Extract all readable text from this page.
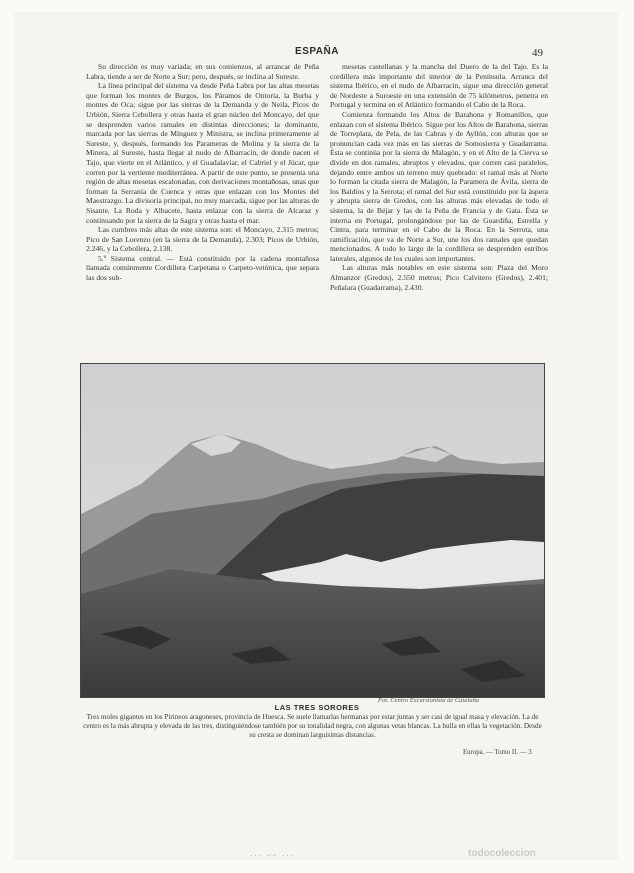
ESPAÑA	49

Su dirección es muy variada; en sus comienzos, al arrancar de Peña Labra, tiende a ser de Norte a Sur; pero, después, se inclina al Sureste.

La línea principal del sistema va desde Peña Labra por las altas mesetas que forman los montes de Burgos, los Páramos de Ontoria, la Burba y montes de Oca; sigue por las sierras de la Demanda y de Neila, Picos de Urbión, Sierra Cebollera y otras hasta el gran núcleo del Moncayo, del que se desprenden varios ramales en distintas direcciones; la dominante, marcada por las sierras de Mínguez y Ministra, se inclina primeramente al Sureste, y, después, formando los Parameras de Molina y la sierra de la Minera, al Sureste, hasta llegar al nudo de Albarracín, de donde nacen el Tajo, que vierte en el Atlántico, y el Guadalaviar, el Cabriel y el Júcar, que corren por la vertiente mediterránea. A partir de este punto, se presenta una región de altas mesetas escalonadas, con derivaciones montañosas, unas que forman la Serranía de Cuenca y otras que enlazan con los Montes del Maestrazgo. La divisoria principal, no muy marcada, sigue por las alturas de Sisante, La Roda y Albacete, hasta enlazar con la sierra de Alcaraz y continuando por la sierra de la Sagra y otras hasta el mar.

Las cumbres más altas de este sistema son: el Moncayo, 2.315 metros; Pico de San Lorenzo (en la sierra de la Demanda), 2.303; Picos de Urbión, 2.246, y la Cebollera, 2.138.

5.º Sistema central. — Está constituido por la cadena montañosa llamada comúnmente Cordillera Carpetana o Carpeto-vetónica, que separa las dos sub-

mesetas castellanas y la mancha del Duero de la del Tajo. Es la cordillera más importante del interior de la Península. Arranca del sistema Ibérico, en el nudo de Albarracín, sigue una dirección general de Nordeste a Suroeste en una extensión de 75 kilómetros, penetra en Portugal y termina en el Atlántico formando el Cabo de la Roca.

Comienza formando los Altos de Barahona y Romanillos, que enlazan con el sistema Ibérico. Sigue por los Altos de Barahona, sierras de Torreplata, de Pela, de las Cabras y de Ayllón, con alturas que se pronuncian cada vez más en las sierras de Somosierra y Guadarrama. Ésta se continúa por la sierra de Malagón, y en el Alto de la Cierva se divide en dos ramales, abruptos y elevados, que corren casi paralelos, dejando entre ambos un terreno muy quebrado: el ramal más al Norte lo forman la citada sierra de Malagón, la Paramera de Ávila, sierra de los Baldíos y la Serrota; el ramal del Sur está constituido por la áspera y abrupta sierra de Gredos, con las alturas más elevadas de todo el sistema, la de Béjar y las de la Peña de Francia y de Gata. Ésta se interna en Portugal, prolongándose por las de Guardiña, Estrella y Cintra, para terminar en el Cabo de la Roca. En la Serrota, una ramificación, que va de Norte a Sur, une los dos ramales que quedan mencionados. A todo lo largo de la cordillera se desprenden estribos laterales, algunos de los cuales son importantes.

Las alturas más notables en este sistema son: Plaza del Moro Almanzor (Gredos), 2.550 metros; Pico Calvitero (Gredos), 2.401; Peñalara (Guadarrama), 2.430.

Fot. Centro Excursionista de Cataluña
LAS TRES SORORES
Tres moles gigantes en los Pirineos aragoneses, provincia de Huesca. Se suele llamarlas hermanas por estar juntas y ser casi de igual masa y elevación. La de centro es la más abrupta y elevada de las tres, distinguiéndose también por su tonalidad negra, con algunas vetas blancas. La hulla en ellas la vegetación. Desde su cresta se dominan larguísimas distancias.
Europa. — Tomo II. — 3
··· ~~ ···	todocoleccion
